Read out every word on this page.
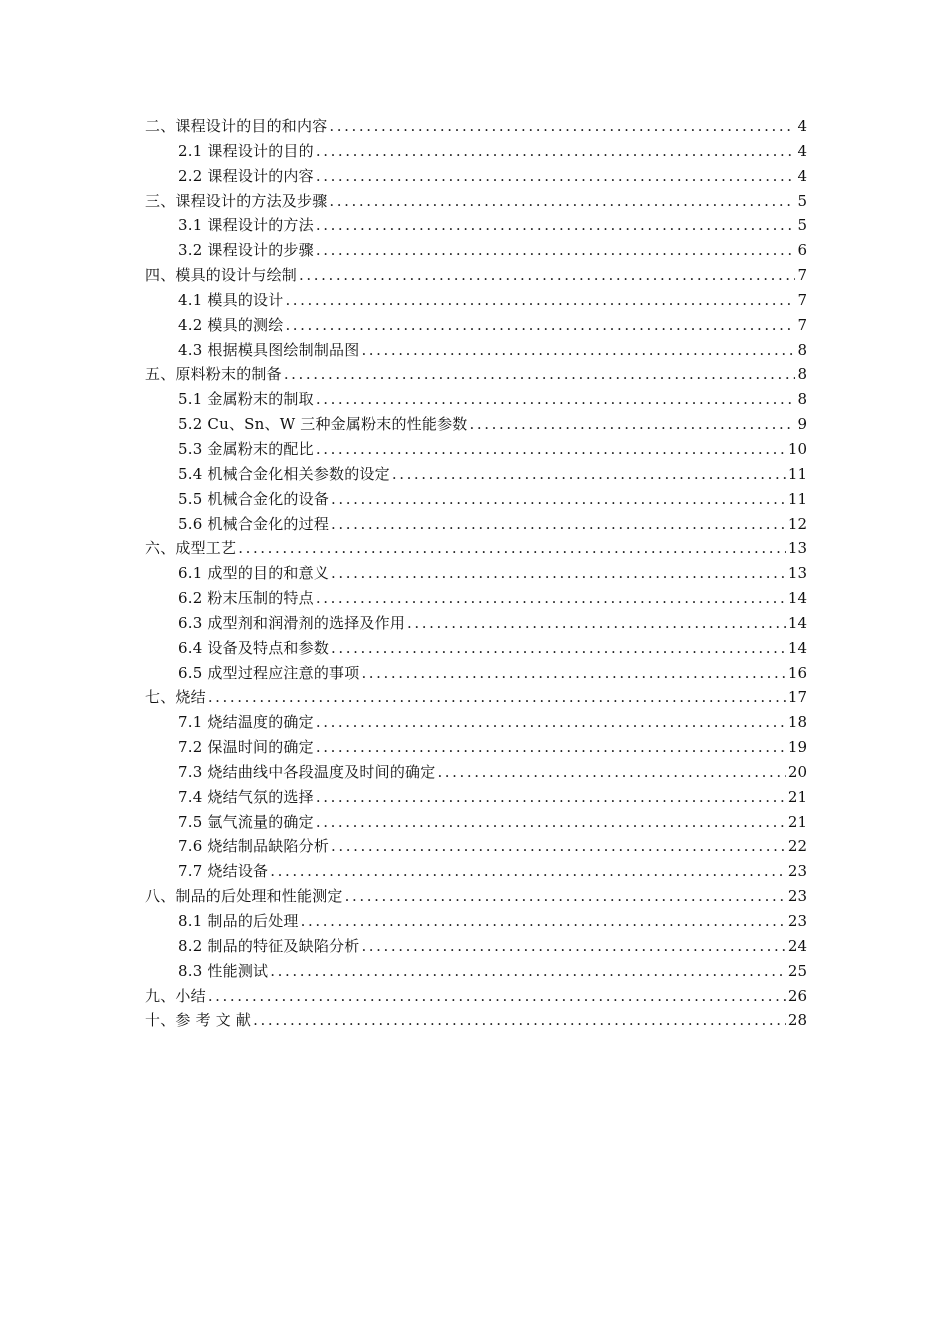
二、课程设计的目的和内容 .....	4
2.1 课程设计的目的 .....	4
2.2 课程设计的内容 .....	4
三、课程设计的方法及步骤 .....	5
3.1 课程设计的方法 .....	5
3.2 课程设计的步骤 .....	6
四、模具的设计与绘制 .....	7
4.1 模具的设计 .....	7
4.2 模具的测绘 .....	7
4.3 根据模具图绘制制品图 .....	8
五、原料粉末的制备 .....	8
5.1 金属粉末的制取 .....	8
5.2 Cu、Sn、W 三种金属粉末的性能参数 .....	9
5.3 金属粉末的配比 .....	10
5.4 机械合金化相关参数的设定 .....	11
5.5 机械合金化的设备 .....	11
5.6 机械合金化的过程 .....	12
六、成型工艺 .....	13
6.1 成型的目的和意义 .....	13
6.2 粉末压制的特点 .....	14
6.3 成型剂和润滑剂的选择及作用 .....	14
6.4 设备及特点和参数 .....	14
6.5 成型过程应注意的事项 .....	16
七、烧结 .....	17
7.1 烧结温度的确定 .....	18
7.2 保温时间的确定 .....	19
7.3 烧结曲线中各段温度及时间的确定 .....	20
7.4 烧结气氛的选择 .....	21
7.5 氩气流量的确定 .....	21
7.6 烧结制品缺陷分析 .....	22
7.7 烧结设备 .....	23
八、制品的后处理和性能测定 .....	23
8.1 制品的后处理 .....	23
8.2 制品的特征及缺陷分析 .....	24
8.3 性能测试 .....	25
九、小结 .....	26
十、参 考 文 献 .....	28
